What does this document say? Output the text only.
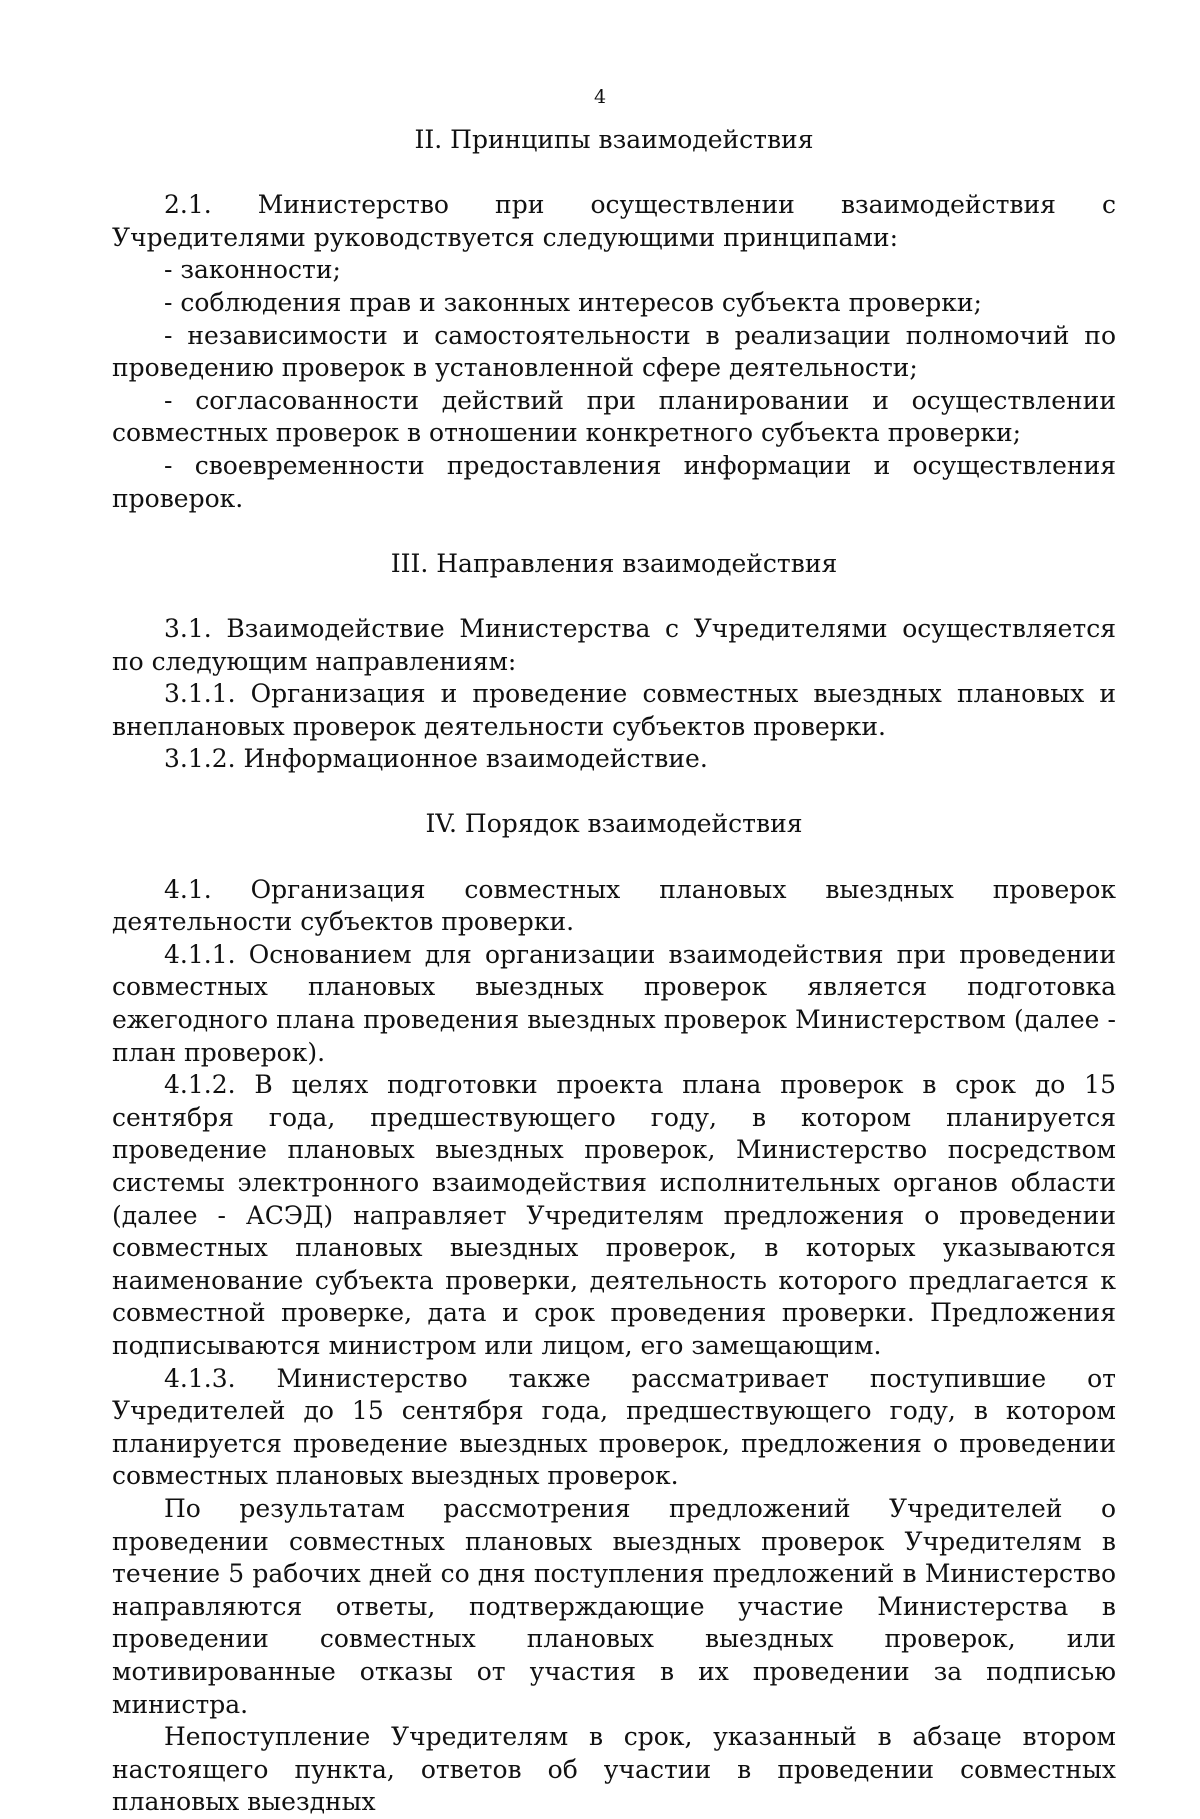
4
II. Принципы взаимодействия

2.1. Министерство при осуществлении взаимодействия с Учредителями руководствуется следующими принципами:

- законности;

- соблюдения прав и законных интересов субъекта проверки;

- независимости и самостоятельности в реализации полномочий по проведению проверок в установленной сфере деятельности;

- согласованности действий при планировании и осуществлении совместных проверок в отношении конкретного субъекта проверки;

- своевременности предоставления информации и осуществления проверок.

III. Направления взаимодействия

3.1. Взаимодействие Министерства с Учредителями осуществляется по следующим направлениям:

3.1.1. Организация и проведение совместных выездных плановых и внеплановых проверок деятельности субъектов проверки.

3.1.2. Информационное взаимодействие.

IV. Порядок взаимодействия

4.1. Организация совместных плановых выездных проверок деятельности субъектов проверки.

4.1.1. Основанием для организации взаимодействия при проведении совместных плановых выездных проверок является подготовка ежегодного плана проведения выездных проверок Министерством (далее - план проверок).

4.1.2. В целях подготовки проекта плана проверок в срок до 15 сентября года, предшествующего году, в котором планируется проведение плановых выездных проверок, Министерство посредством системы электронного взаимодействия исполнительных органов области (далее - АСЭД) направляет Учредителям предложения о проведении совместных плановых выездных проверок, в которых указываются наименование субъекта проверки, деятельность которого предлагается к совместной проверке, дата и срок проведения проверки. Предложения подписываются министром или лицом, его замещающим.

4.1.3. Министерство также рассматривает поступившие от Учредителей до 15 сентября года, предшествующего году, в котором планируется проведение выездных проверок, предложения о проведении совместных плановых выездных проверок.

По результатам рассмотрения предложений Учредителей о проведении совместных плановых выездных проверок Учредителям в течение 5 рабочих дней со дня поступления предложений в Министерство направляются ответы, подтверждающие участие Министерства в проведении совместных плановых выездных проверок, или мотивированные отказы от участия в их проведении за подписью министра.

Непоступление Учредителям в срок, указанный в абзаце втором настоящего пункта, ответов об участии в проведении совместных плановых выездных
